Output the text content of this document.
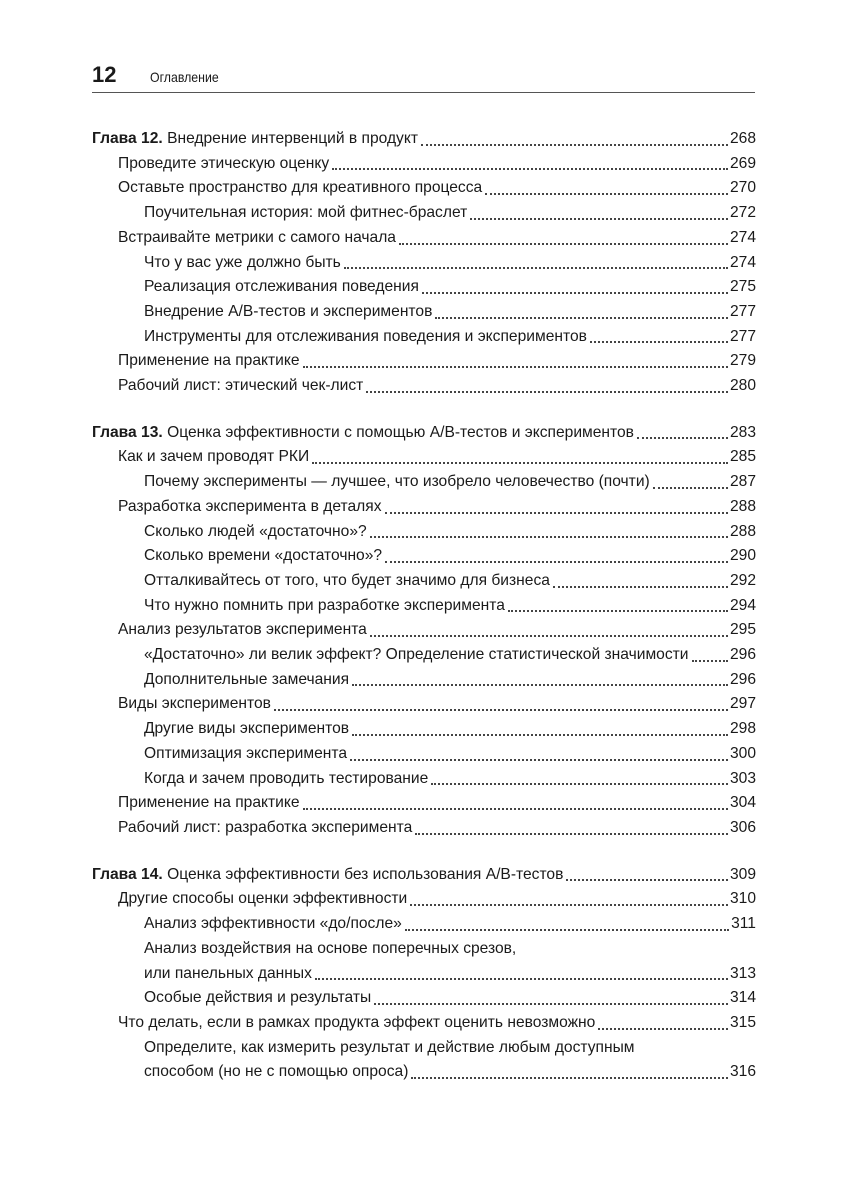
12 Оглавление
Глава 12. Внедрение интервенций в продукт	268
Проведите этическую оценку	269
Оставьте пространство для креативного процесса	270
Поучительная история: мой фитнес-браслет	272
Встраивайте метрики с самого начала	274
Что у вас уже должно быть	274
Реализация отслеживания поведения	275
Внедрение A/B-тестов и экспериментов	277
Инструменты для отслеживания поведения и экспериментов	277
Применение на практике	279
Рабочий лист: этический чек-лист	280
Глава 13. Оценка эффективности с помощью A/B-тестов и экспериментов	283
Как и зачем проводят РКИ	285
Почему эксперименты — лучшее, что изобрело человечество (почти)	287
Разработка эксперимента в деталях	288
Сколько людей «достаточно»?	288
Сколько времени «достаточно»?	290
Отталкивайтесь от того, что будет значимо для бизнеса	292
Что нужно помнить при разработке эксперимента	294
Анализ результатов эксперимента	295
«Достаточно» ли велик эффект? Определение статистической значимости	296
Дополнительные замечания	296
Виды экспериментов	297
Другие виды экспериментов	298
Оптимизация эксперимента	300
Когда и зачем проводить тестирование	303
Применение на практике	304
Рабочий лист: разработка эксперимента	306
Глава 14. Оценка эффективности без использования A/B-тестов	309
Другие способы оценки эффективности	310
Анализ эффективности «до/после»	311
Анализ воздействия на основе поперечных срезов,
или панельных данных	313
Особые действия и результаты	314
Что делать, если в рамках продукта эффект оценить невозможно	315
Определите, как измерить результат и действие любым доступным
способом (но не с помощью опроса)	316
